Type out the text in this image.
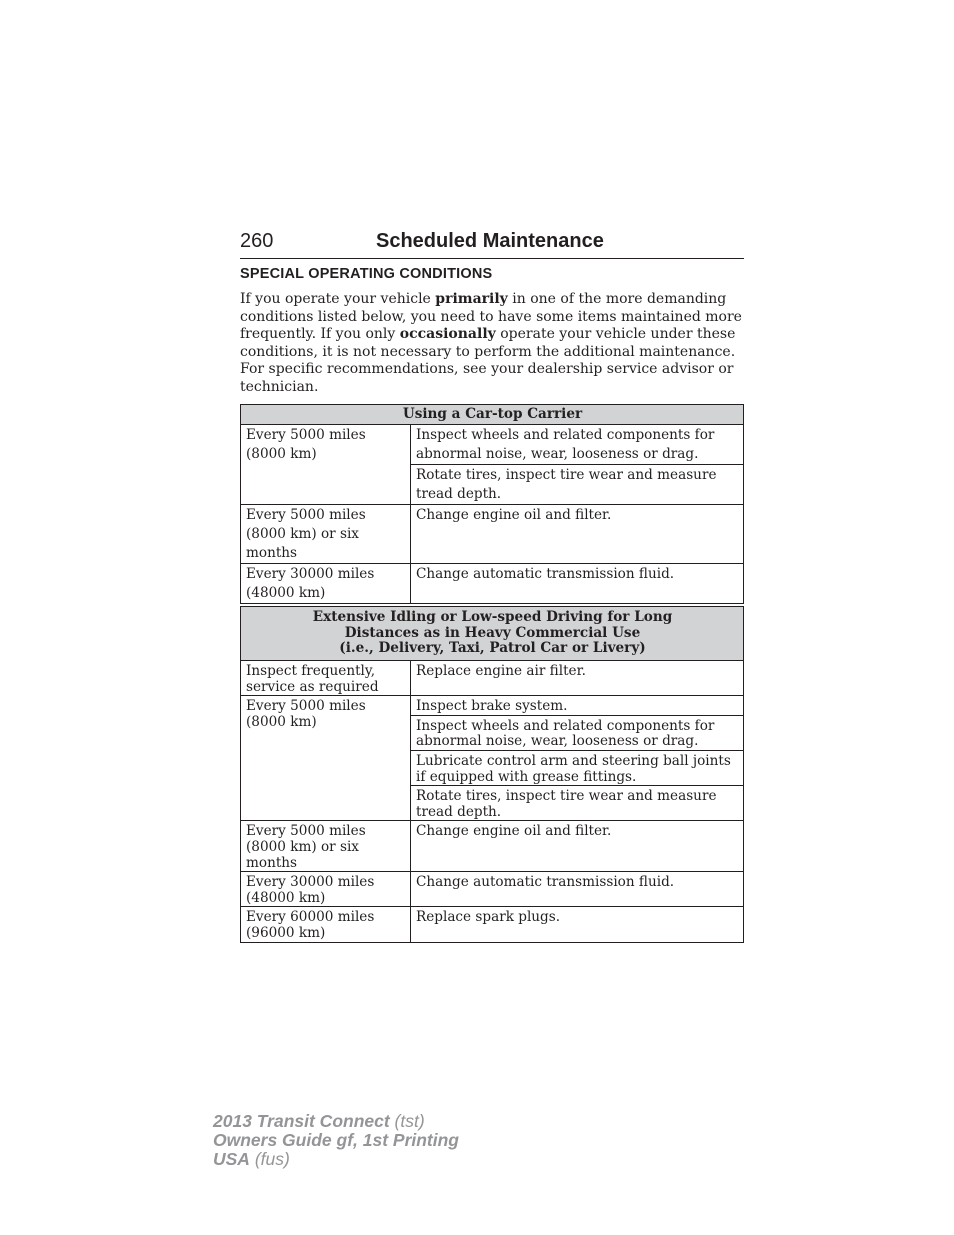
260	Scheduled Maintenance
SPECIAL OPERATING CONDITIONS

If you operate your vehicle primarily in one of the more demanding conditions listed below, you need to have some items maintained more frequently. If you only occasionally operate your vehicle under these conditions, it is not necessary to perform the additional maintenance. For specific recommendations, see your dealership service advisor or technician.

Using a Car-top Carrier	
Every 5000 miles (8000 km)	Inspect wheels and related components for abnormal noise, wear, looseness or drag.
	Rotate tires, inspect tire wear and measure tread depth.
Every 5000 miles (8000 km) or six months	Change engine oil and filter.
Every 30000 miles (48000 km)	Change automatic transmission fluid.
Extensive Idling or Low-speed Driving for Long
Distances as in Heavy Commercial Use
(i.e., Delivery, Taxi, Patrol Car or Livery)	
Inspect frequently, service as required	Replace engine air filter.
Every 5000 miles (8000 km)	Inspect brake system.
	Inspect wheels and related components for abnormal noise, wear, looseness or drag.
	Lubricate control arm and steering ball joints if equipped with grease fittings.
	Rotate tires, inspect tire wear and measure tread depth.
Every 5000 miles (8000 km) or six months	Change engine oil and filter.
Every 30000 miles (48000 km)	Change automatic transmission fluid.
Every 60000 miles (96000 km)	Replace spark plugs.
2013 Transit Connect (tst)
Owners Guide gf, 1st Printing
USA (fus)
